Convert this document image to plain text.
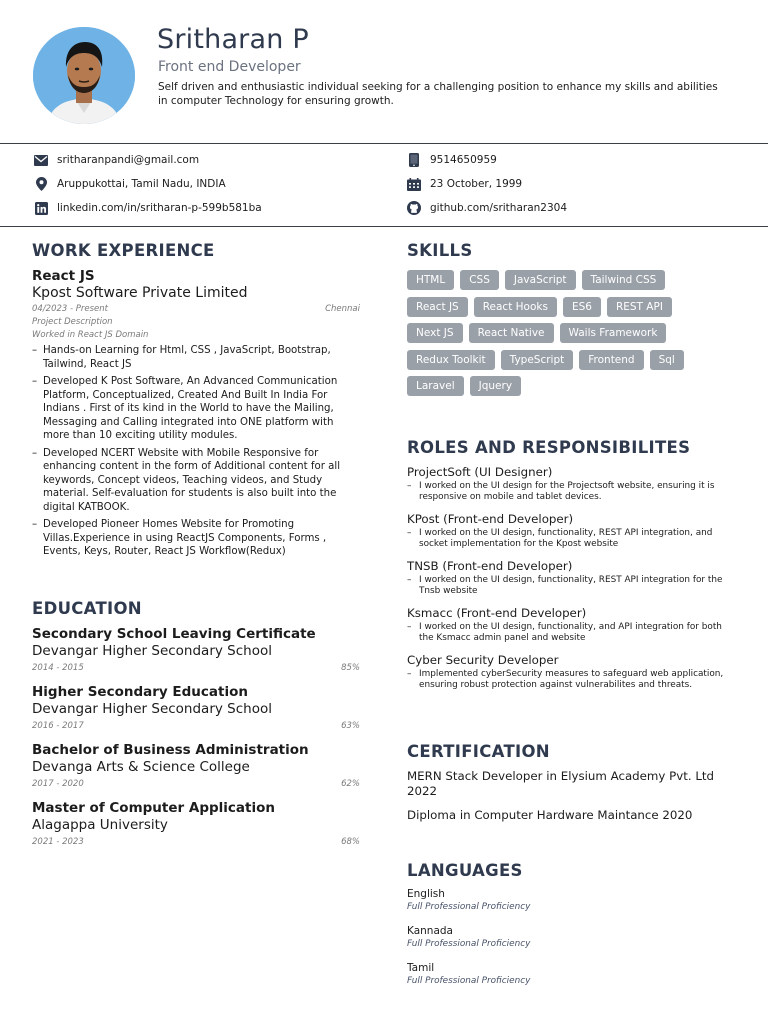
Sritharan P
Front end Developer
Self driven and enthusiastic individual seeking for a challenging position to enhance my skills and abilities in computer Technology for ensuring growth.
sritharanpandi@gmail.com
Aruppukottai, Tamil Nadu, INDIA
linkedin.com/in/sritharan-p-599b581ba
9514650959
23 October, 1999
github.com/sritharan2304
WORK EXPERIENCE
React JS
Kpost Software Private Limited
04/2023 - Present	Chennai
Project Description
Worked in React JS Domain
– Hands-on Learning for Html, CSS , JavaScript, Bootstrap, Tailwind, React JS
– Developed K Post Software, An Advanced Communication Platform, Conceptualized, Created And Built In India For Indians . First of its kind in the World to have the Mailing, Messaging and Calling integrated into ONE platform with more than 10 exciting utility modules.
– Developed NCERT Website with Mobile Responsive for enhancing content in the form of Additional content for all keywords, Concept videos, Teaching videos, and Study material. Self-evaluation for students is also built into the digital KATBOOK.
– Developed Pioneer Homes Website for Promoting Villas.Experience in using ReactJS Components, Forms , Events, Keys, Router, React JS Workflow(Redux)
EDUCATION
Secondary School Leaving Certificate
Devangar Higher Secondary School
2014 - 2015	85%
Higher Secondary Education
Devangar Higher Secondary School
2016 - 2017	63%
Bachelor of Business Administration
Devanga Arts & Science College
2017 - 2020	62%
Master of Computer Application
Alagappa University
2021 - 2023	68%
SKILLS
HTML	CSS	JavaScript	Tailwind CSS
React JS	React Hooks	ES6	REST API
Next JS	React Native	Wails Framework
Redux Toolkit	TypeScript	Frontend	Sql
Laravel	Jquery
ROLES AND RESPONSIBILITES
ProjectSoft (UI Designer)
– I worked on the UI design for the Projectsoft website, ensuring it is responsive on mobile and tablet devices.
KPost (Front-end Developer)
– I worked on the UI design, functionality, REST API integration, and socket implementation for the Kpost website
TNSB (Front-end Developer)
– I worked on the UI design, functionality, REST API integration for the Tnsb website
Ksmacc (Front-end Developer)
– I worked on the UI design, functionality, and API integration for both the Ksmacc admin panel and website
Cyber Security Developer
– Implemented cyberSecurity measures to safeguard web application, ensuring robust protection against vulnerabilites and threats.
CERTIFICATION
MERN Stack Developer in Elysium Academy Pvt. Ltd 2022
Diploma in Computer Hardware Maintance 2020
LANGUAGES
English
Full Professional Proficiency
Kannada
Full Professional Proficiency
Tamil
Full Professional Proficiency
